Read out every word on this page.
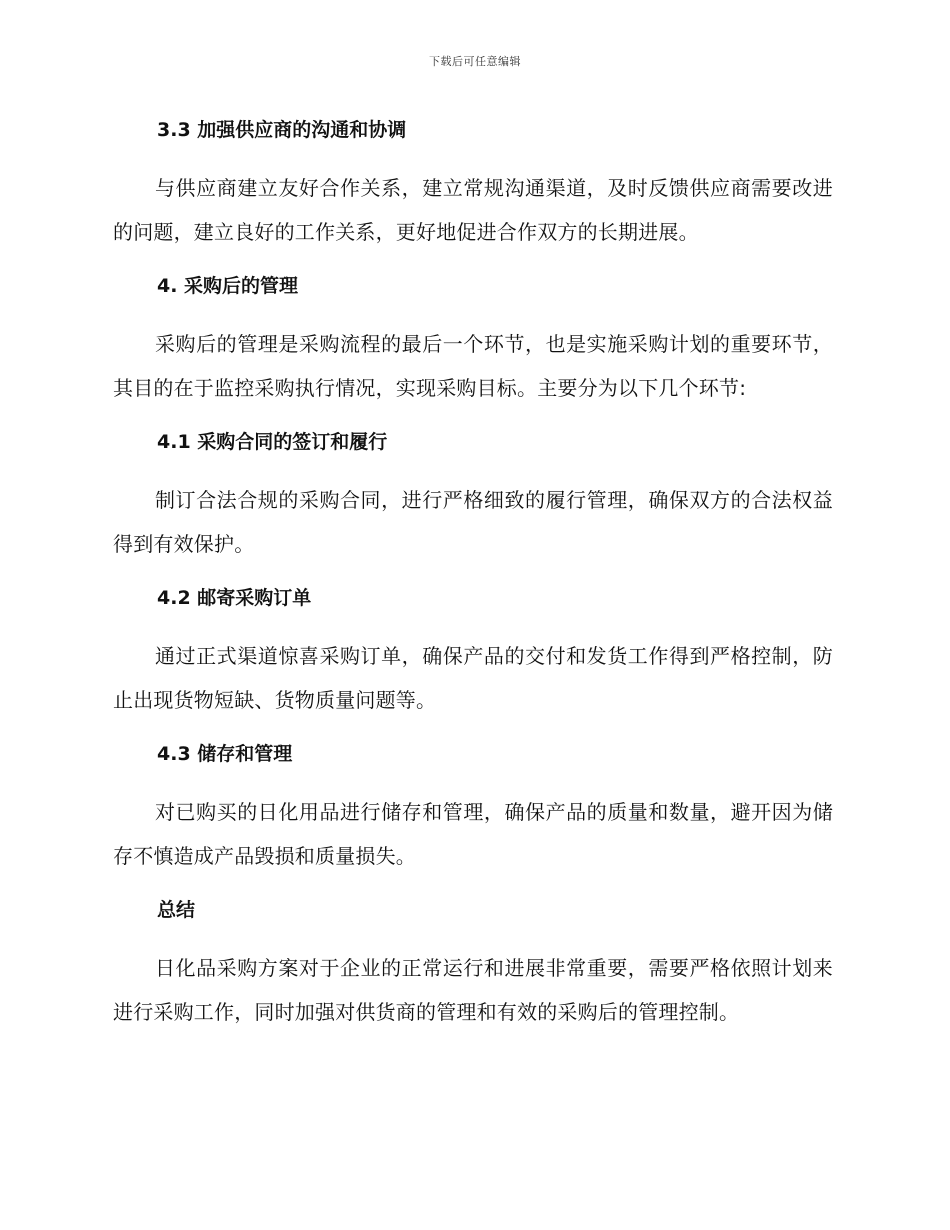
下载后可任意编辑
3.3 加强供应商的沟通和协调

与供应商建立友好合作关系，建立常规沟通渠道，及时反馈供应商需要改进的问题，建立良好的工作关系，更好地促进合作双方的长期进展。

4. 采购后的管理

采购后的管理是采购流程的最后一个环节，也是实施采购计划的重要环节，其目的在于监控采购执行情况，实现采购目标。主要分为以下几个环节:

4.1 采购合同的签订和履行

制订合法合规的采购合同，进行严格细致的履行管理，确保双方的合法权益得到有效保护。

4.2 邮寄采购订单

通过正式渠道惊喜采购订单，确保产品的交付和发货工作得到严格控制，防止出现货物短缺、货物质量问题等。

4.3 储存和管理

对已购买的日化用品进行储存和管理，确保产品的质量和数量，避开因为储存不慎造成产品毁损和质量损失。

总结

日化品采购方案对于企业的正常运行和进展非常重要，需要严格依照计划来进行采购工作，同时加强对供货商的管理和有效的采购后的管理控制。
